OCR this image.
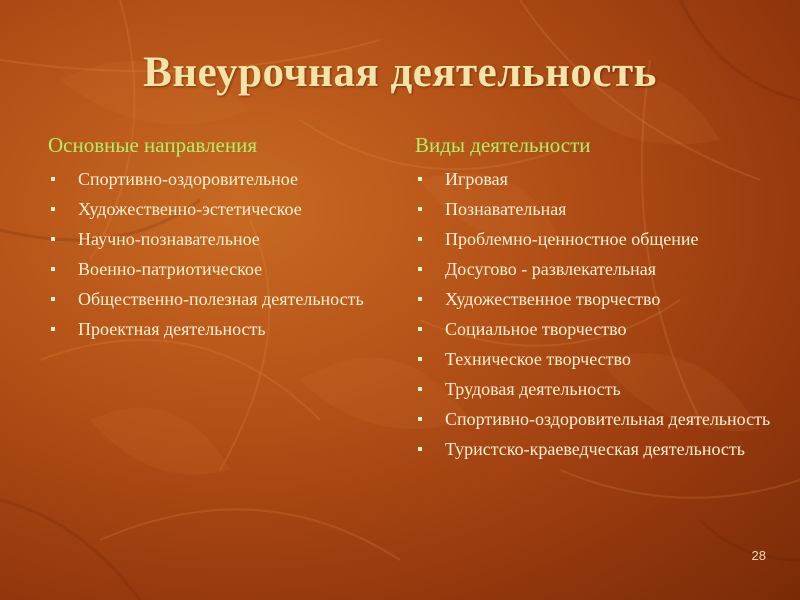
Внеурочная деятельность
Основные направления
Спортивно-оздоровительное
Художественно-эстетическое
Научно-познавательное
Военно-патриотическое
Общественно-полезная деятельность
Проектная деятельность
Виды деятельности
Игровая
Познавательная
Проблемно-ценностное общение
Досугово - развлекательная
Художественное творчество
Социальное творчество
Техническое творчество
Трудовая деятельность
Спортивно-оздоровительная деятельность
Туристско-краеведческая деятельность
28
